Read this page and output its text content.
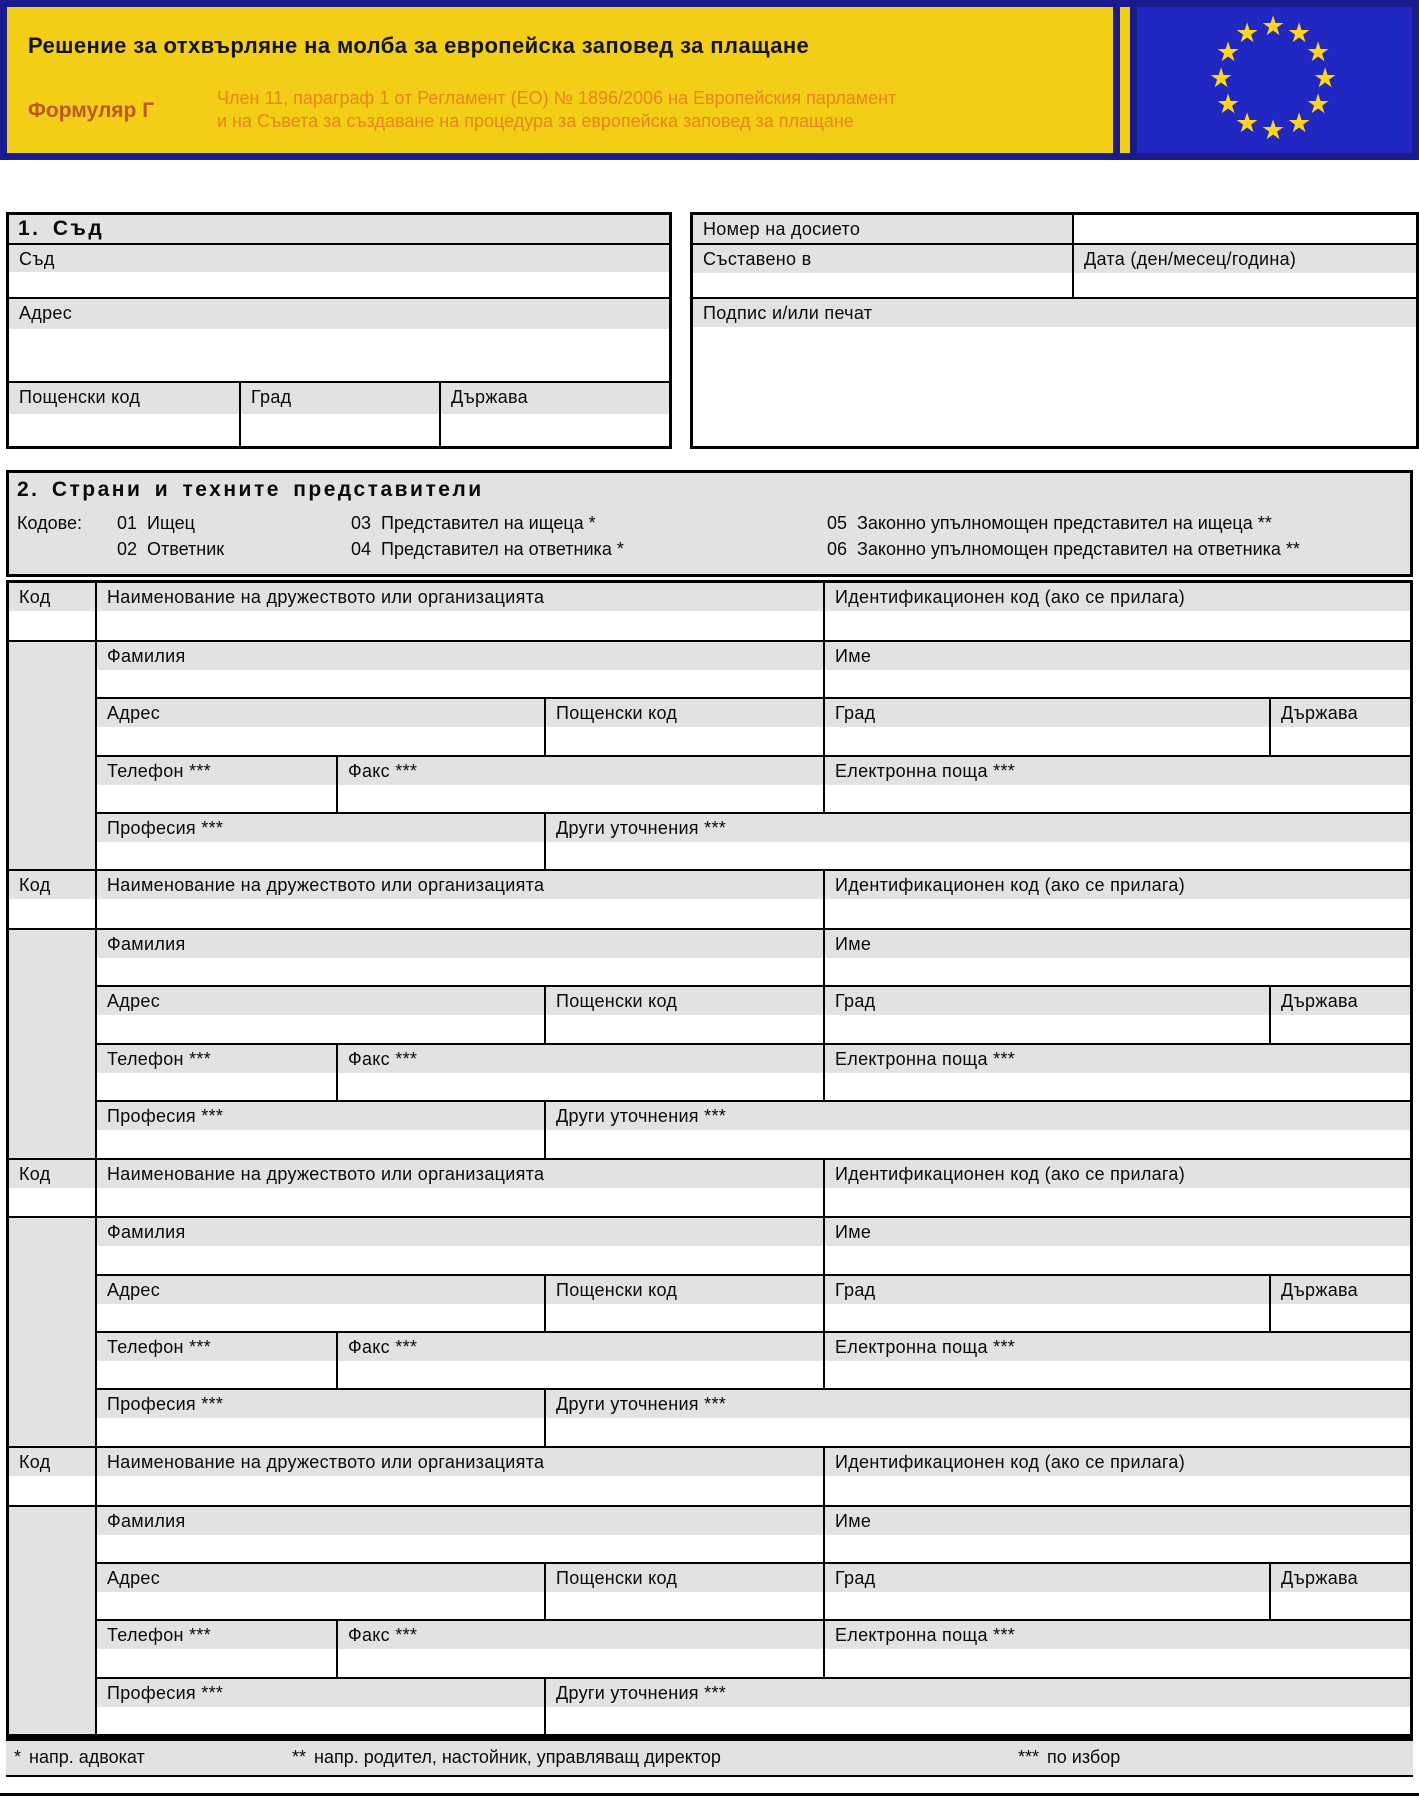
Решение за отхвърляне на молба за европейска заповед за плащане
Формуляр Г
Член 11, параграф 1 от Регламент (ЕО) № 1896/2006 на Европейския парламент
и на Съвета за създаване на процедура за европейска заповед за плащане
★ ★
★
★
★
★
★
★
★
★
★
★
1. Съд
Съд
Адрес
Пощенски код	Град	Държава
Номер на досието
Съставено в	Дата (ден/месец/година)
Подпис и/или печат
2. Страни и техните представители
Кодове: 01 Ищец
02 Ответник
03 Представител на ищеца *
04 Представител на ответника *
05 Законно упълномощен представител на ищеца **
06 Законно упълномощен представител на ответника **
Код	Наименование на дружеството или организацията	Идентификационен код (ако се прилага)
Фамилия	Име
Адрес	Пощенски код	Град	Държава
Телефон ***	Факс ***	Електронна поща ***
Професия ***	Други уточнения ***
Код	Наименование на дружеството или организацията	Идентификационен код (ако се прилага)
Фамилия	Име
Адрес	Пощенски код	Град	Държава
Телефон ***	Факс ***	Електронна поща ***
Професия ***	Други уточнения ***
Код	Наименование на дружеството или организацията	Идентификационен код (ако се прилага)
Фамилия	Име
Адрес	Пощенски код	Град	Държава
Телефон ***	Факс ***	Електронна поща ***
Професия ***	Други уточнения ***
Код	Наименование на дружеството или организацията	Идентификационен код (ако се прилага)
Фамилия	Име
Адрес	Пощенски код	Град	Държава
Телефон ***	Факс ***	Електронна поща ***
Професия ***	Други уточнения ***
* напр. адвокат	** напр. родител, настойник, управляващ директор	*** по избор
